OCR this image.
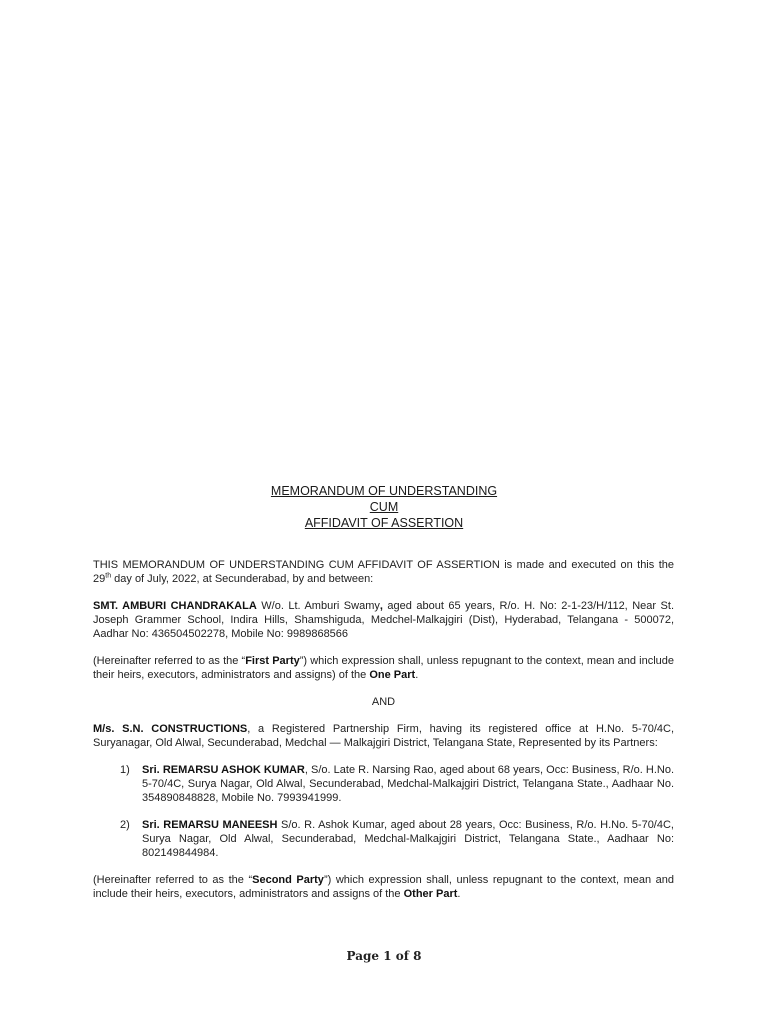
MEMORANDUM OF UNDERSTANDING
CUM
AFFIDAVIT OF ASSERTION

THIS MEMORANDUM OF UNDERSTANDING CUM AFFIDAVIT OF ASSERTION is made and executed on this the 29th day of July, 2022, at Secunderabad, by and between:

SMT. AMBURI CHANDRAKALA W/o. Lt. Amburi Swamy, aged about 65 years, R/o. H. No: 2-1-23/H/112, Near St. Joseph Grammer School, Indira Hills, Shamshiguda, Medchel-Malkajgiri (Dist), Hyderabad, Telangana - 500072, Aadhar No: 436504502278, Mobile No: 9989868566

(Hereinafter referred to as the “First Party”) which expression shall, unless repugnant to the context, mean and include their heirs, executors, administrators and assigns) of the One Part.

AND

M/s. S.N. CONSTRUCTIONS, a Registered Partnership Firm, having its registered office at H.No. 5-70/4C, Suryanagar, Old Alwal, Secunderabad, Medchal — Malkajgiri District, Telangana State, Represented by its Partners:

1) Sri. REMARSU ASHOK KUMAR, S/o. Late R. Narsing Rao, aged about 68 years, Occ: Business, R/o. H.No. 5-70/4C, Surya Nagar, Old Alwal, Secunderabad, Medchal-Malkajgiri District, Telangana State., Aadhaar No. 354890848828, Mobile No. 7993941999.
2) Sri. REMARSU MANEESH S/o. R. Ashok Kumar, aged about 28 years, Occ: Business, R/o. H.No. 5-70/4C, Surya Nagar, Old Alwal, Secunderabad, Medchal-Malkajgiri District, Telangana State., Aadhaar No: 802149844984.

(Hereinafter referred to as the “Second Party”) which expression shall, unless repugnant to the context, mean and include their heirs, executors, administrators and assigns of the Other Part.

Page 1 of 8
